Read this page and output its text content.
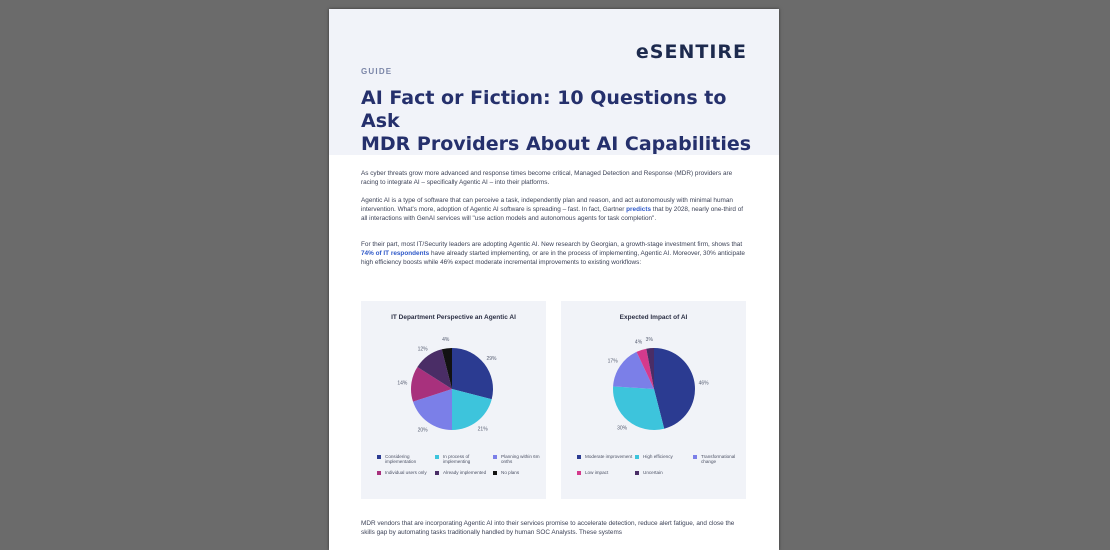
eSENTIRE
GUIDE
AI Fact or Fiction: 10 Questions to Ask
MDR Providers About AI Capabilities

As cyber threats grow more advanced and response times become critical, Managed Detection and Response (MDR) providers are racing to integrate AI – specifically Agentic AI – into their platforms.

Agentic AI is a type of software that can perceive a task, independently plan and reason, and act autonomously with minimal human intervention. What's more, adoption of Agentic AI software is spreading – fast. In fact, Gartner predicts that by 2028, nearly one-third of all interactions with GenAI services will "use action models and autonomous agents for task completion".

For their part, most IT/Security leaders are adopting Agentic AI. New research by Georgian, a growth-stage investment firm, shows that 74% of IT respondents have already started implementing, or are in the process of implementing, Agentic AI. Moreover, 30% anticipate high efficiency boosts while 46% expect moderate incremental improvements to existing workflows:

IT Department Perspective an Agentic AI
29%
21%
20%
14%
12%
4%
Considering implementation
In process of implementing
Planning within 6m onths
Individual users only	Already implemented	No plans
Expected Impact of AI
46%
30%
17%
4% 3%
Moderate improvement High efficiency	Transformational change
Low impact	Uncertain

MDR vendors that are incorporating Agentic AI into their services promise to accelerate detection, reduce alert fatigue, and close the skills gap by automating tasks traditionally handled by human SOC Analysts. These systems
